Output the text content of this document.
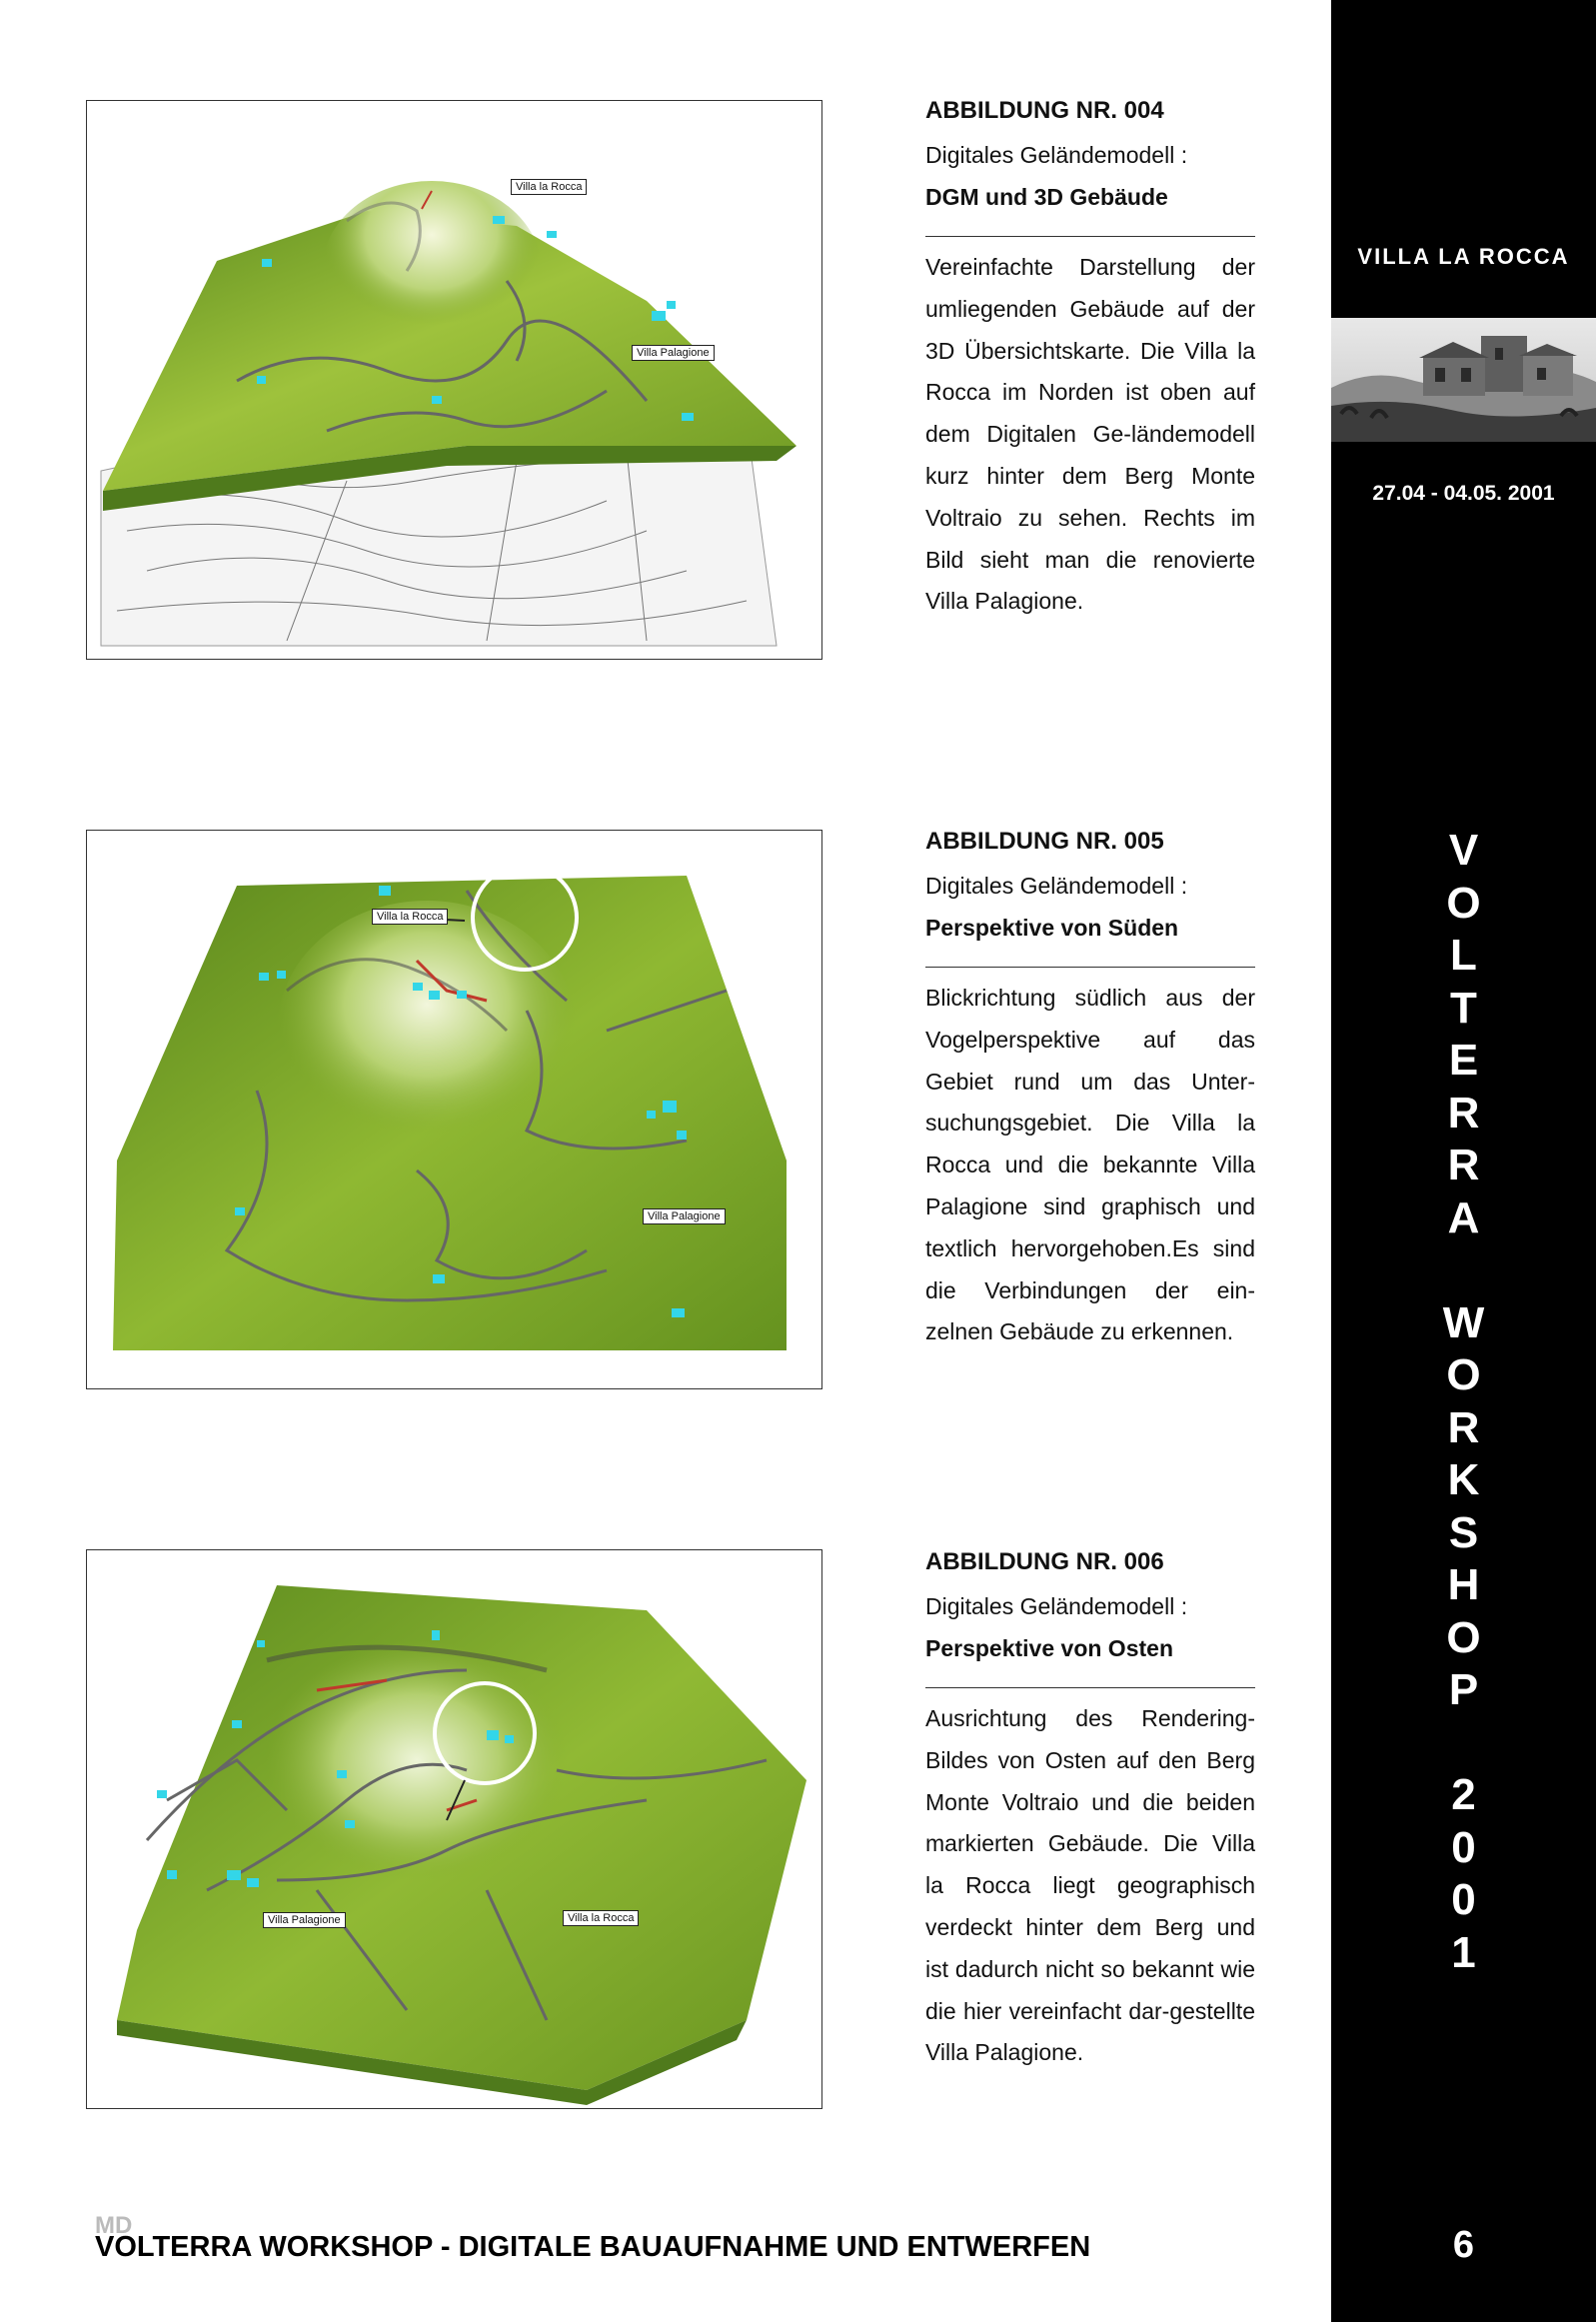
VILLA LA ROCCA
27.04 - 04.05. 2001
V
O
L
T
E
R
R
A

W
O
R
K
S
H
O
P

2
0
0
1
6
Villa la Rocca
Villa Palagione
ABBILDUNG NR. 004
Digitales Geländemodell :
DGM und 3D Gebäude
Vereinfachte Darstellung der umliegenden Gebäude auf der 3D Übersichtskarte. Die Villa la Rocca im Norden ist oben auf dem Digitalen Ge-ländemodell kurz hinter dem Berg Monte Voltraio zu sehen. Rechts im Bild sieht man die renovierte Villa Palagione.
Villa la Rocca
Villa Palagione
ABBILDUNG NR. 005
Digitales Geländemodell :
Perspektive von Süden
Blickrichtung südlich aus der Vogelperspektive auf das Gebiet rund um das Unter-suchungsgebiet. Die Villa la Rocca und die bekannte Villa Palagione sind graphisch und textlich hervorgehoben.Es sind die Verbindungen der ein-zelnen Gebäude zu erkennen.
Villa Palagione	Villa la Rocca
ABBILDUNG NR. 006
Digitales Geländemodell :
Perspektive von Osten
Ausrichtung des Rendering-Bildes von Osten auf den Berg Monte Voltraio und die beiden markierten Gebäude. Die Villa la Rocca liegt geographisch verdeckt hinter dem Berg und ist dadurch nicht so bekannt wie die hier vereinfacht dar-gestellte Villa Palagione.
MD
VOLTERRA WORKSHOP - DIGITALE BAUAUFNAHME UND ENTWERFEN
